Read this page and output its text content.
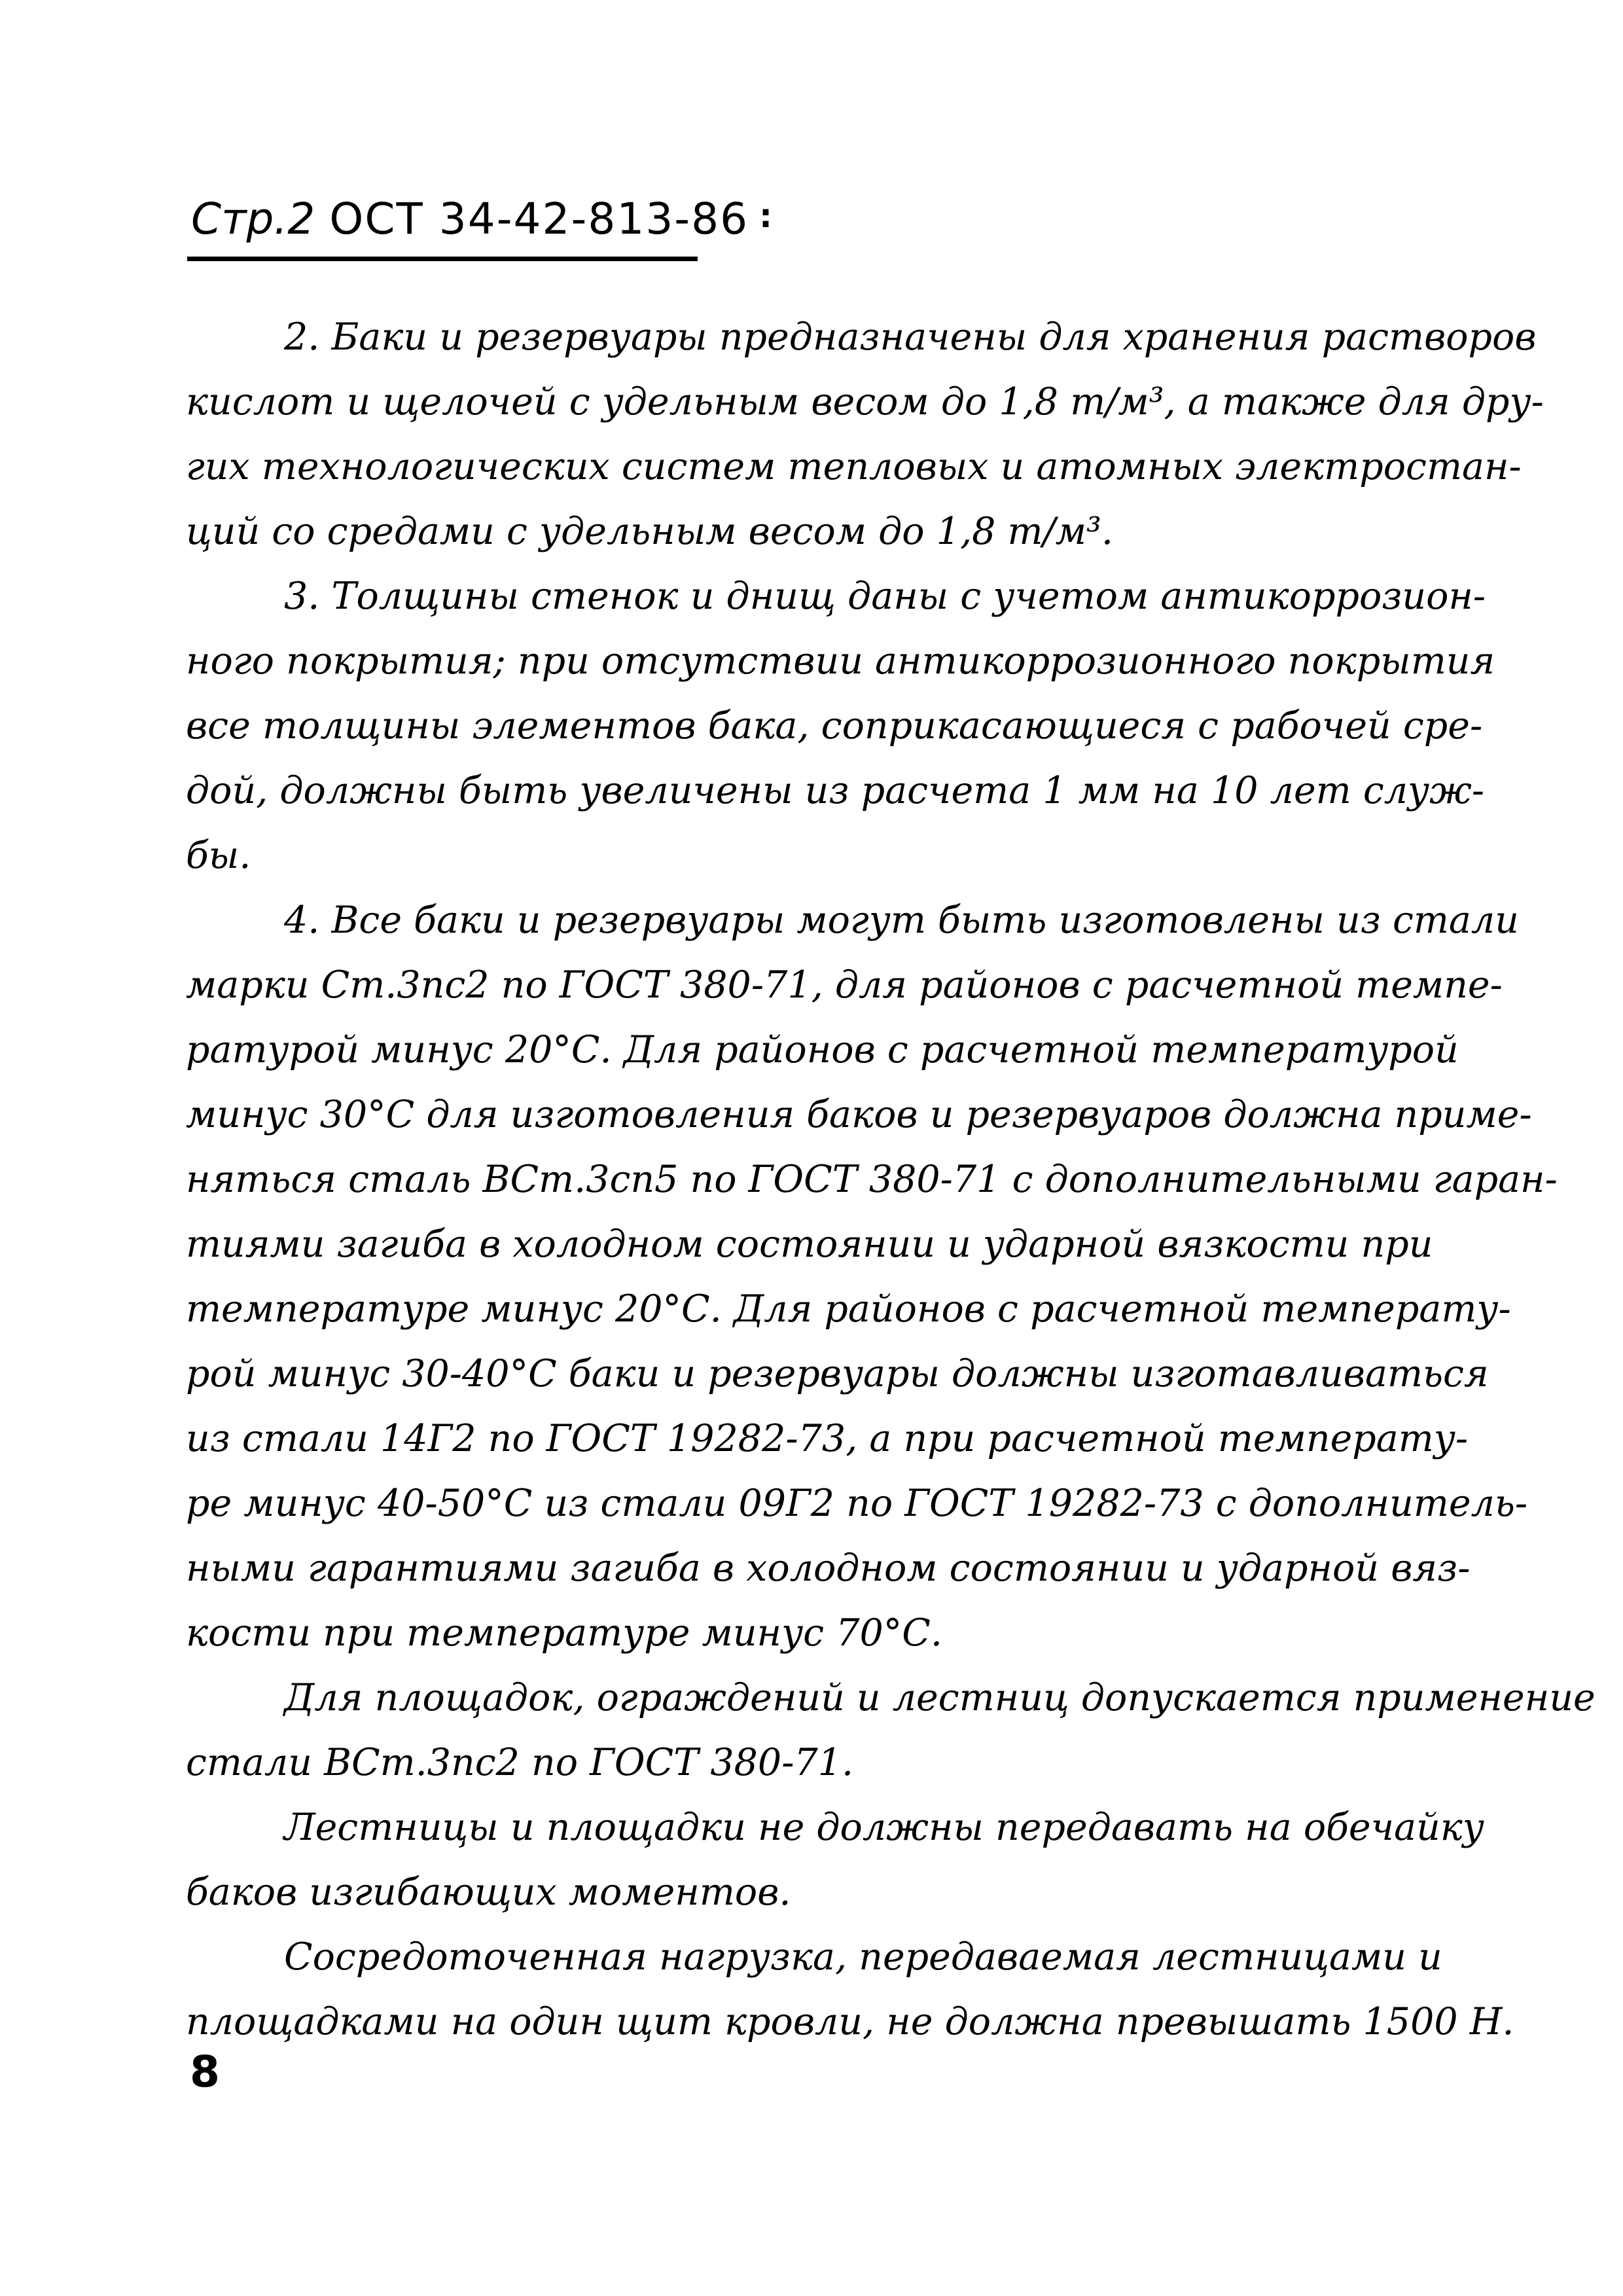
Стр.2 ОСТ 34-42-813-86 :
2. Баки и резервуары предназначены для хранения растворов
кислот и щелочей с удельным весом до 1,8 т/м³, а также для дру-
гих технологических систем тепловых и атомных электростан-
ций со средами с удельным весом до 1,8 т/м³.
3. Толщины стенок и днищ даны с учетом антикоррозион-
ного покрытия; при отсутствии антикоррозионного покрытия
все толщины элементов бака, соприкасающиеся с рабочей сре-
дой, должны быть увеличены из расчета 1 мм на 10 лет служ-
бы.
4. Все баки и резервуары могут быть изготовлены из стали
марки Ст.3пс2 по ГОСТ 380-71, для районов с расчетной темпе-
ратурой минус 20°С. Для районов с расчетной температурой
минус 30°С для изготовления баков и резервуаров должна приме-
няться сталь ВСт.3сп5 по ГОСТ 380-71 с дополнительными гаран-
тиями загиба в холодном состоянии и ударной вязкости при
температуре минус 20°С. Для районов с расчетной температу-
рой минус 30-40°С баки и резервуары должны изготавливаться
из стали 14Г2 по ГОСТ 19282-73, а при расчетной температу-
ре минус 40-50°С из стали 09Г2 по ГОСТ 19282-73 с дополнитель-
ными гарантиями загиба в холодном состоянии и ударной вяз-
кости при температуре минус 70°С.
Для площадок, ограждений и лестниц допускается применение
стали ВСт.3пс2 по ГОСТ 380-71.
Лестницы и площадки не должны передавать на обечайку
баков изгибающих моментов.
Сосредоточенная нагрузка, передаваемая лестницами и
площадками на один щит кровли, не должна превышать 1500 Н.
8
